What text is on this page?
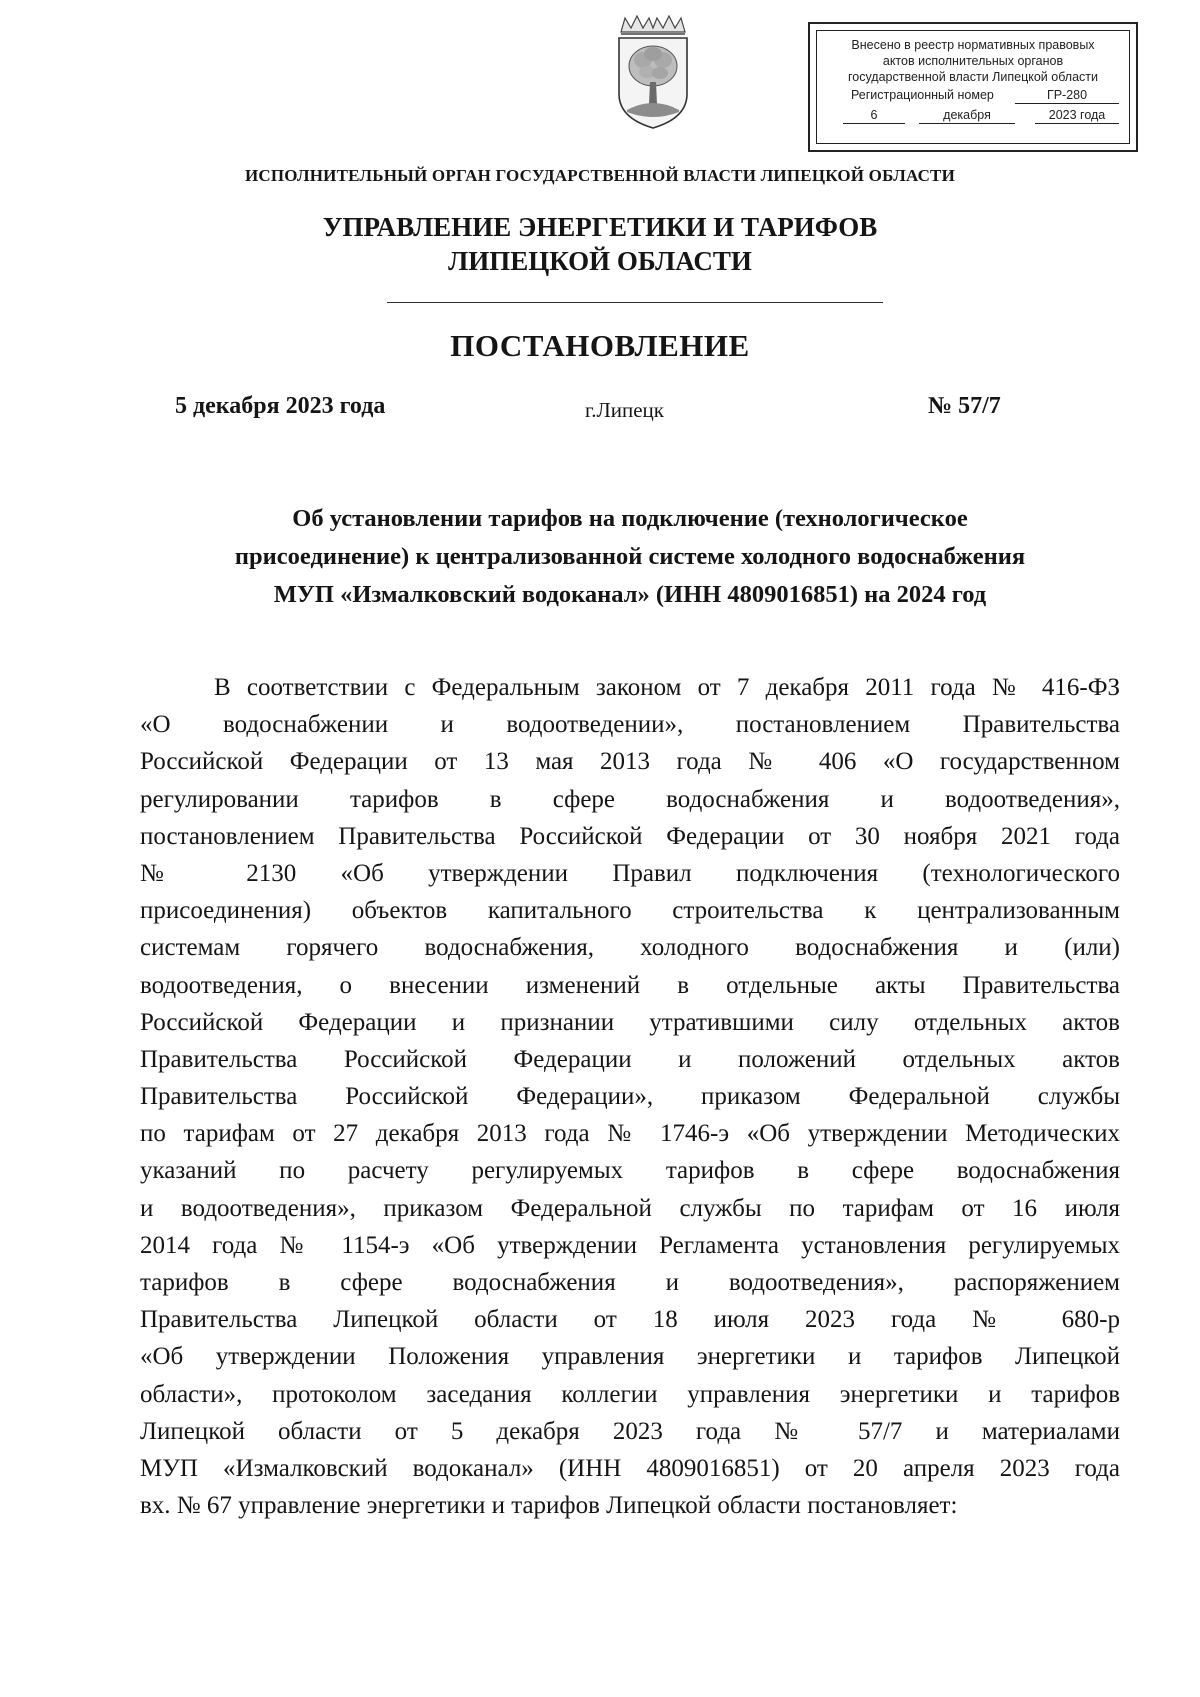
Внесено в реестр нормативных правовых
актов исполнительных органов
государственной власти Липецкой области
Регистрационный номер	ГР-280
6	декабря	2023 года
ИСПОЛНИТЕЛЬНЫЙ ОРГАН ГОСУДАРСТВЕННОЙ ВЛАСТИ ЛИПЕЦКОЙ ОБЛАСТИ
УПРАВЛЕНИЕ ЭНЕРГЕТИКИ И ТАРИФОВ
ЛИПЕЦКОЙ ОБЛАСТИ
ПОСТАНОВЛЕНИЕ
5 декабря 2023 года	г.Липецк	№ 57/7
Об установлении тарифов на подключение (технологическое
присоединение) к централизованной системе холодного водоснабжения
МУП «Измалковский водоканал» (ИНН 4809016851) на 2024 год
В соответствии с Федеральным законом от 7 декабря 2011 года № 416-ФЗ
«О водоснабжении и водоотведении», постановлением Правительства
Российской Федерации от 13 мая 2013 года № 406 «О государственном
регулировании тарифов в сфере водоснабжения и водоотведения»,
постановлением Правительства Российской Федерации от 30 ноября 2021 года
№ 2130 «Об утверждении Правил подключения (технологического
присоединения) объектов капитального строительства к централизованным
системам горячего водоснабжения, холодного водоснабжения и (или)
водоотведения, о внесении изменений в отдельные акты Правительства
Российской Федерации и признании утратившими силу отдельных актов
Правительства Российской Федерации и положений отдельных актов
Правительства Российской Федерации», приказом Федеральной службы
по тарифам от 27 декабря 2013 года № 1746-э «Об утверждении Методических
указаний по расчету регулируемых тарифов в сфере водоснабжения
и водоотведения», приказом Федеральной службы по тарифам от 16 июля
2014 года № 1154-э «Об утверждении Регламента установления регулируемых
тарифов в сфере водоснабжения и водоотведения», распоряжением
Правительства Липецкой области от 18 июля 2023 года № 680-р
«Об утверждении Положения управления энергетики и тарифов Липецкой
области», протоколом заседания коллегии управления энергетики и тарифов
Липецкой области от 5 декабря 2023 года № 57/7 и материалами
МУП «Измалковский водоканал» (ИНН 4809016851) от 20 апреля 2023 года
вх. № 67 управление энергетики и тарифов Липецкой области постановляет:
